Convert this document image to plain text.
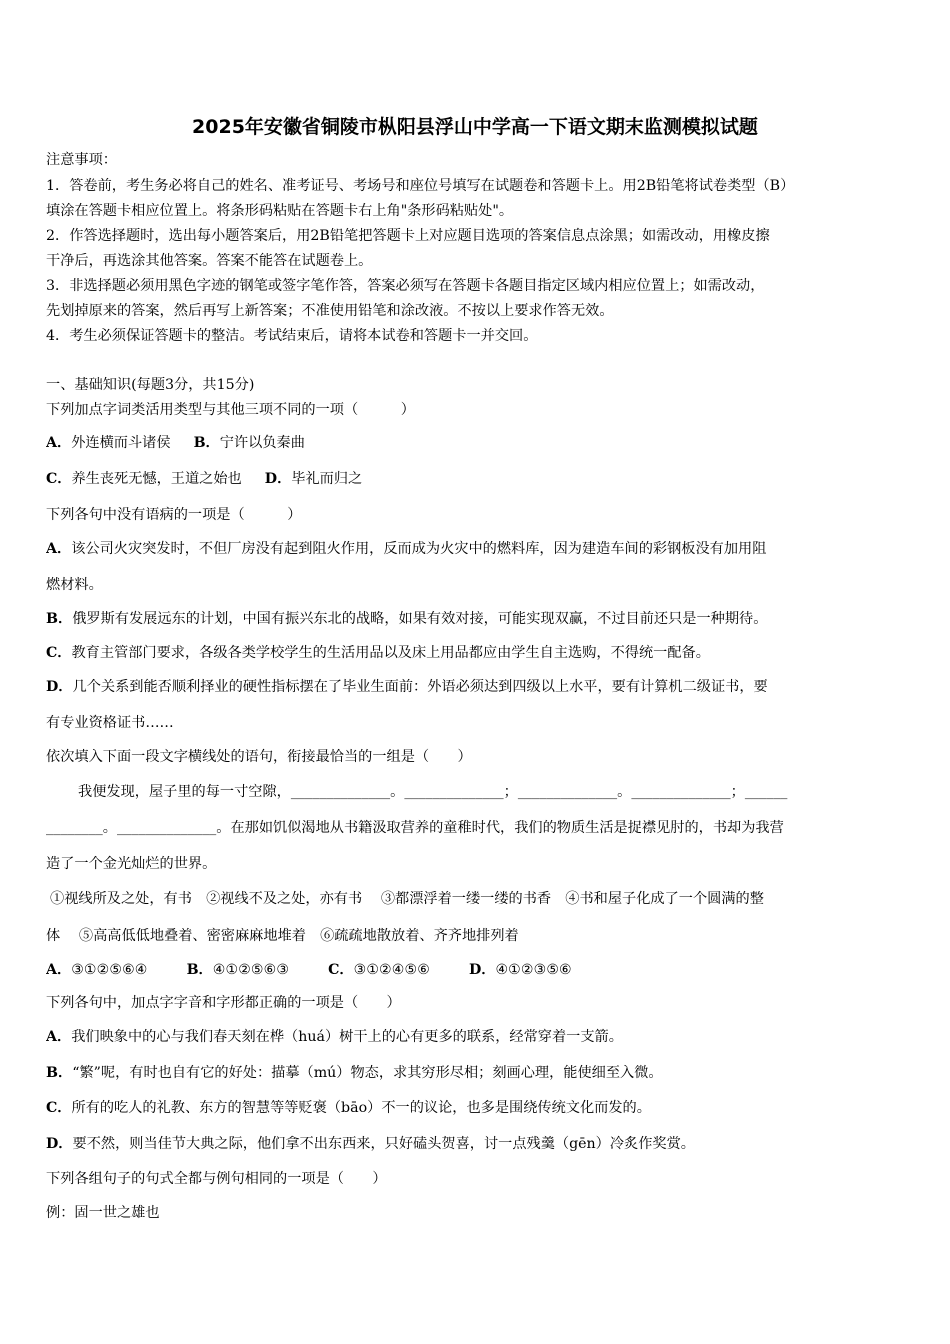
2025年安徽省铜陵市枞阳县浮山中学高一下语文期末监测模拟试题
注意事项：
1．答卷前，考生务必将自己的姓名、准考证号、考场号和座位号填写在试题卷和答题卡上。用2B铅笔将试卷类型（B）
填涂在答题卡相应位置上。将条形码粘贴在答题卡右上角"条形码粘贴处"。
2．作答选择题时，选出每小题答案后，用2B铅笔把答题卡上对应题目选项的答案信息点涂黑；如需改动，用橡皮擦
干净后，再选涂其他答案。答案不能答在试题卷上。
3．非选择题必须用黑色字迹的钢笔或签字笔作答，答案必须写在答题卡各题目指定区域内相应位置上；如需改动，
先划掉原来的答案，然后再写上新答案；不准使用铅笔和涂改液。不按以上要求作答无效。
4．考生必须保证答题卡的整洁。考试结束后，请将本试卷和答题卡一并交回。
一、基础知识(每题3分，共15分)
下列加点字词类活用类型与其他三项不同的一项（　　　）
A．外连横而斗诸侯 B．宁许以负秦曲
C．养生丧死无憾，王道之始也 D．毕礼而归之
下列各句中没有语病的一项是（　　　）
A．该公司火灾突发时，不但厂房没有起到阻火作用，反而成为火灾中的燃料库，因为建造车间的彩钢板没有加用阻
燃材料。
B．俄罗斯有发展远东的计划，中国有振兴东北的战略，如果有效对接，可能实现双赢，不过目前还只是一种期待。
C．教育主管部门要求，各级各类学校学生的生活用品以及床上用品都应由学生自主选购，不得统一配备。
D．几个关系到能否顺利择业的硬性指标摆在了毕业生面前：外语必须达到四级以上水平，要有计算机二级证书，要
有专业资格证书……
依次填入下面一段文字横线处的语句，衔接最恰当的一组是（　　）
我便发现，屋子里的每一寸空隙，______________。______________；______________。______________；______
________。______________。在那如饥似渴地从书籍汲取营养的童稚时代，我们的物质生活是捉襟见肘的，书却为我营
造了一个金光灿烂的世界。
①视线所及之处，有书　②视线不及之处，亦有书　 ③都漂浮着一缕一缕的书香　④书和屋子化成了一个圆满的整
体　 ⑤高高低低地叠着、密密麻麻地堆着　⑥疏疏地散放着、齐齐地排列着
A．③①②⑤⑥④	B．④①②⑤⑥③	C．③①②④⑤⑥	D．④①②③⑤⑥
下列各句中，加点字字音和字形都正确的一项是（　　）
A．我们映象中的心与我们春天刻在桦（huá）树干上的心有更多的联系，经常穿着一支箭。
B．“繁”呢，有时也自有它的好处：描摹（mú）物态，求其穷形尽相；刻画心理，能使细至入微。
C．所有的吃人的礼教、东方的智慧等等贬褒（bāo）不一的议论，也多是围绕传统文化而发的。
D．要不然，则当佳节大典之际，他们拿不出东西来，只好磕头贺喜，讨一点残羹（gēn）冷炙作奖赏。
下列各组句子的句式全都与例句相同的一项是（　　）
例：固一世之雄也
